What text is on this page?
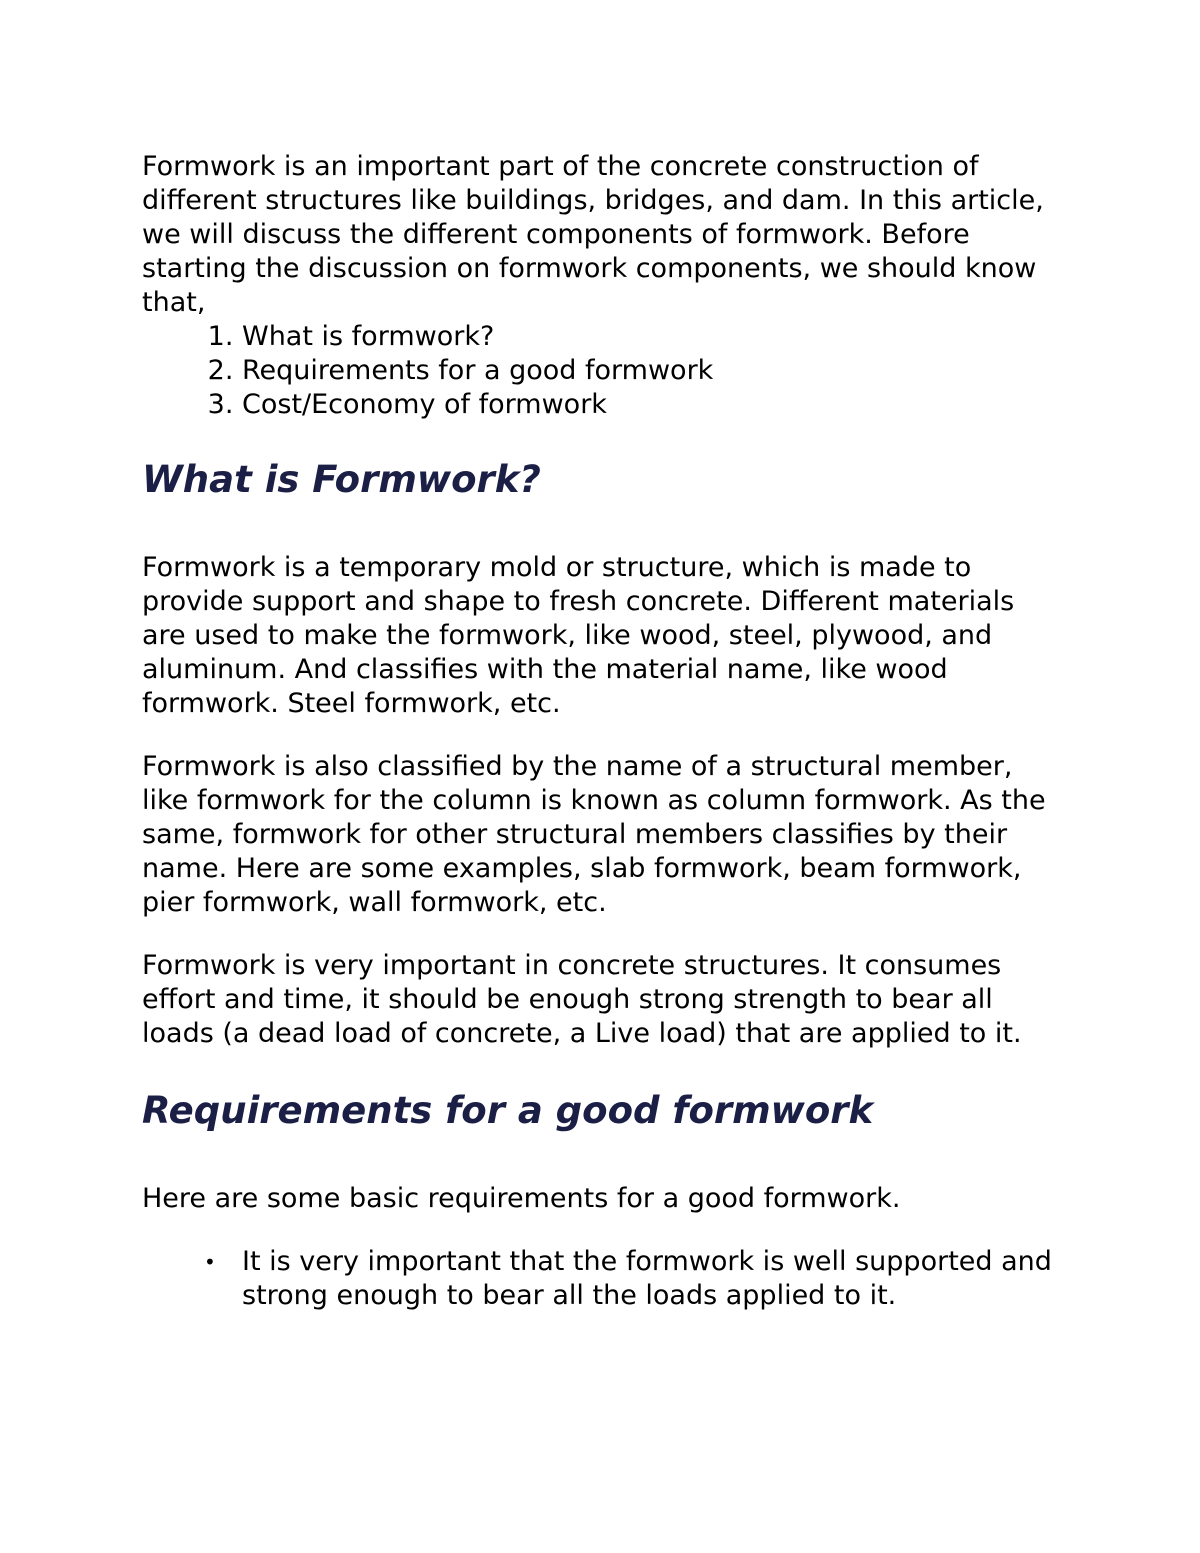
Formwork is an important part of the concrete construction of different structures like buildings, bridges, and dam. In this article, we will discuss the different components of formwork. Before starting the discussion on formwork components, we should know that,

1. What is formwork?
2. Requirements for a good formwork
3. Cost/Economy of formwork
What is Formwork?

Formwork is a temporary mold or structure, which is made to provide support and shape to fresh concrete. Different materials are used to make the formwork, like wood, steel, plywood, and aluminum. And classifies with the material name, like wood formwork. Steel formwork, etc.

Formwork is also classified by the name of a structural member, like formwork for the column is known as column formwork. As the same, formwork for other structural members classifies by their name. Here are some examples, slab formwork, beam formwork, pier formwork, wall formwork, etc.

Formwork is very important in concrete structures. It consumes effort and time, it should be enough strong strength to bear all loads (a dead load of concrete, a Live load) that are applied to it.

Requirements for a good formwork

Here are some basic requirements for a good formwork.

• It is very important that the formwork is well supported and strong enough to bear all the loads applied to it.
